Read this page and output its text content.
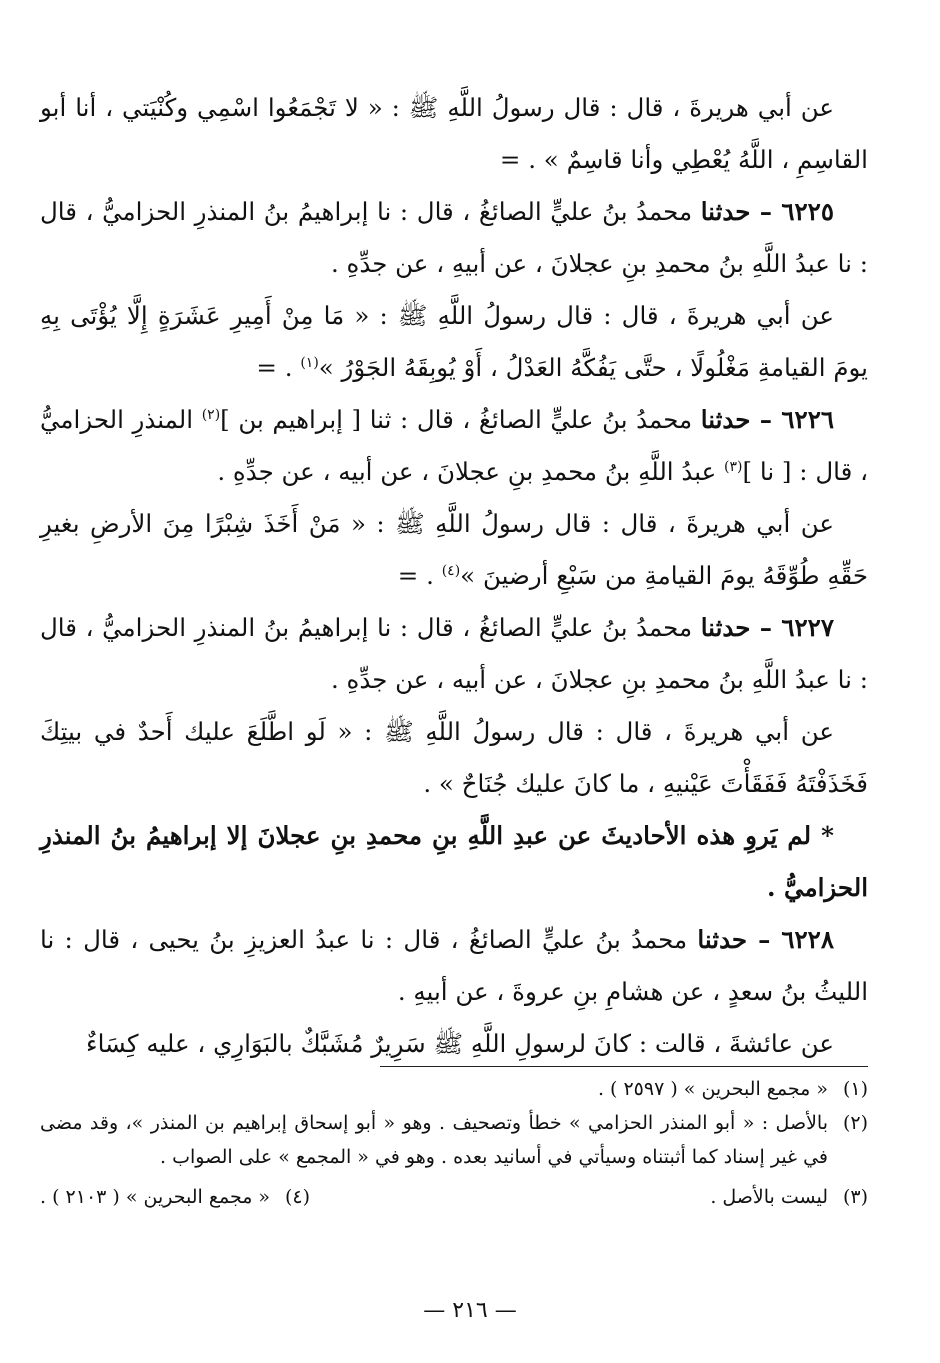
عن أبي هريرةَ ، قال : قال رسولُ اللَّهِ ﷺ : « لا تَجْمَعُوا اسْمِي وكُنْيَتي ، أنا أبو القاسِمِ ، اللَّهُ يُعْطِي وأنا قاسِمٌ » . =

٦٢٢٥ – حدثنا محمدُ بنُ عليٍّ الصائغُ ، قال : نا إبراهيمُ بنُ المنذرِ الحزاميُّ ، قال : نا عبدُ اللَّهِ بنُ محمدِ بنِ عجلانَ ، عن أبيهِ ، عن جدِّهِ .

عن أبي هريرةَ ، قال : قال رسولُ اللَّهِ ﷺ : « مَا مِنْ أَمِيرِ عَشَرَةٍ إِلَّا يُؤْتَى بِهِ يومَ القيامةِ مَغْلُولًا ، حتَّى يَفُكَّهُ العَدْلُ ، أَوْ يُوبِقَهُ الجَوْرُ »$^{(١)}$ . =

٦٢٢٦ – حدثنا محمدُ بنُ عليٍّ الصائغُ ، قال : ثنا [ إبراهيم بن ]$^{(٢)}$ المنذرِ الحزاميُّ ، قال : [ نا ]$^{(٣)}$ عبدُ اللَّهِ بنُ محمدِ بنِ عجلانَ ، عن أبيه ، عن جدِّهِ .

عن أبي هريرةَ ، قال : قال رسولُ اللَّهِ ﷺ : « مَنْ أَخَذَ شِبْرًا مِنَ الأرضِ بغيرِ حَقِّهِ طُوِّقَهُ يومَ القيامةِ من سَبْعِ أرضينَ »$^{(٤)}$ . =

٦٢٢٧ – حدثنا محمدُ بنُ عليٍّ الصائغُ ، قال : نا إبراهيمُ بنُ المنذرِ الحزاميُّ ، قال : نا عبدُ اللَّهِ بنُ محمدِ بنِ عجلانَ ، عن أبيه ، عن جدِّهِ .

عن أبي هريرةَ ، قال : قال رسولُ اللَّهِ ﷺ : « لَو اطَّلَعَ عليك أَحدٌ في بيتِكَ فَخَذَفْتَهُ فَفَقَأْتَ عَيْنيهِ ، ما كانَ عليك جُنَاحٌ » .

* لم يَروِ هذه الأحاديثَ عن عبدِ اللَّهِ بنِ محمدِ بنِ عجلانَ إلا إبراهيمُ بنُ المنذرِ الحزاميُّ .

٦٢٢٨ – حدثنا محمدُ بنُ عليٍّ الصائغُ ، قال : نا عبدُ العزيزِ بنُ يحيى ، قال : نا الليثُ بنُ سعدٍ ، عن هشامِ بنِ عروةَ ، عن أبيهِ .

عن عائشةَ ، قالت : كانَ لرسولِ اللَّهِ ﷺ سَرِيرٌ مُشَبَّكٌ بالبَوَارِي ، عليه كِسَاءٌ

(١)
« مجمع البحرين » ( ٢٥٩٧ ) .
(٢)
بالأصل : « أبو المنذر الحزامي » خطأ وتصحيف . وهو « أبو إسحاق إبراهيم بن المنذر »، وقد مضى في غير إسناد كما أثبتناه وسيأتي في أسانيد بعده . وهو في « المجمع » على الصواب .
(٣)
ليست بالأصل .
(٤)
« مجمع البحرين » ( ٢١٠٣ ) .
— ٢١٦ —
